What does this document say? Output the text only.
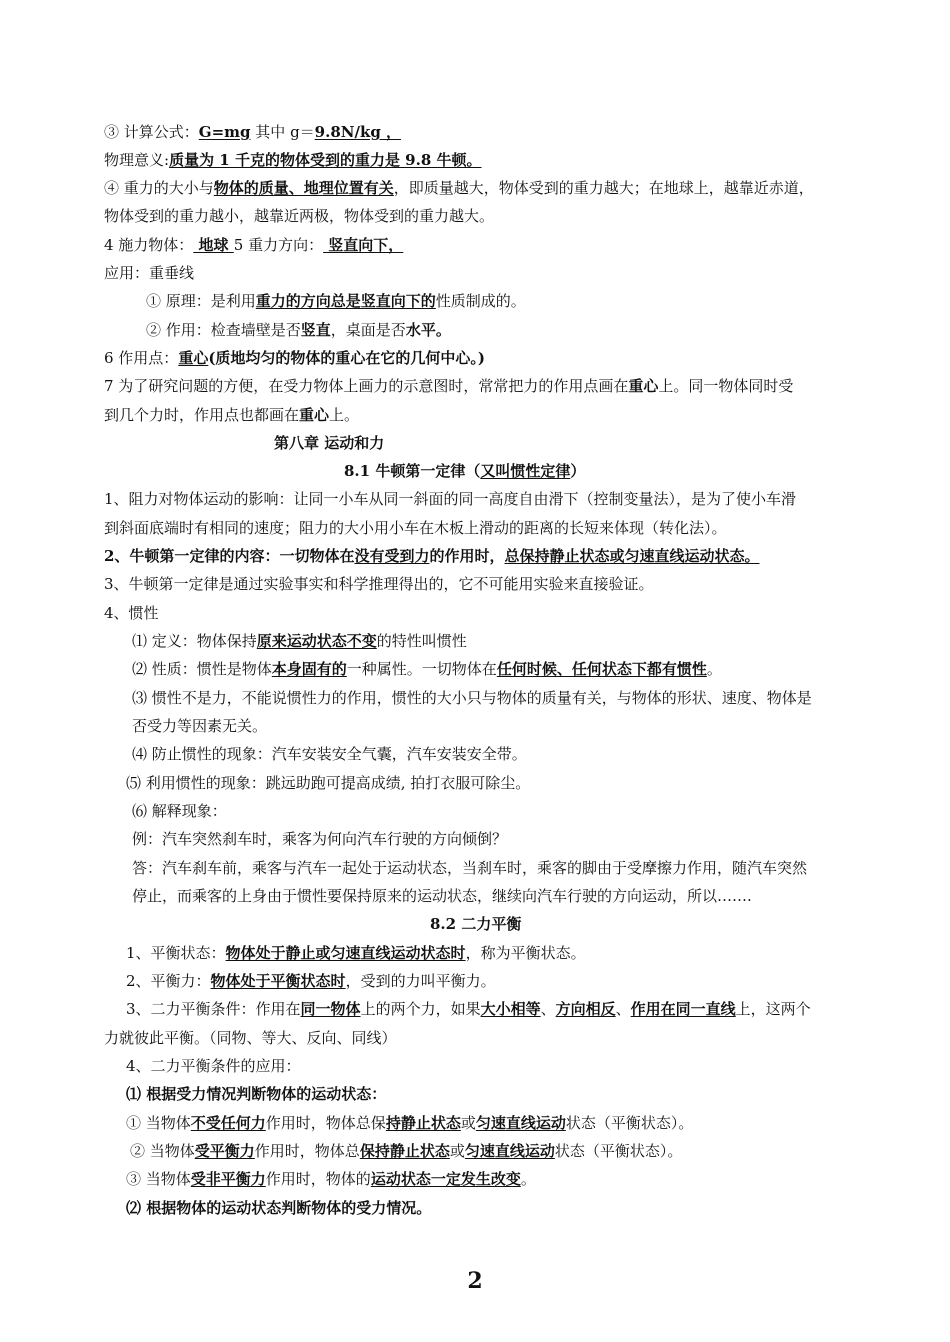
③ 计算公式：G=mg 其中 g＝9.8N/kg ，
物理意义:质量为 1 千克的物体受到的重力是 9.8 牛顿。
④ 重力的大小与物体的质量、地理位置有关，即质量越大，物体受到的重力越大；在地球上，越靠近赤道，
物体受到的重力越小，越靠近两极，物体受到的重力越大。
4 施力物体： 地球 5 重力方向： 竖直向下，
应用：重垂线
① 原理：是利用重力的方向总是竖直向下的性质制成的。
② 作用：检查墙壁是否竖直，桌面是否水平。
6 作用点：重心(质地均匀的物体的重心在它的几何中心。)
7 为了研究问题的方便，在受力物体上画力的示意图时，常常把力的作用点画在重心上。同一物体同时受
到几个力时，作用点也都画在重心上。
第八章 运动和力
8.1 牛顿第一定律（又叫惯性定律）
1、阻力对物体运动的影响：让同一小车从同一斜面的同一高度自由滑下（控制变量法），是为了使小车滑
到斜面底端时有相同的速度；阻力的大小用小车在木板上滑动的距离的长短来体现（转化法）。
2、牛顿第一定律的内容：一切物体在没有受到力的作用时，总保持静止状态或匀速直线运动状态。
3、牛顿第一定律是通过实验事实和科学推理得出的，它不可能用实验来直接验证。
4、惯性
⑴ 定义：物体保持原来运动状态不变的特性叫惯性
⑵ 性质：惯性是物体本身固有的一种属性。一切物体在任何时候、任何状态下都有惯性。
⑶ 惯性不是力，不能说惯性力的作用，惯性的大小只与物体的质量有关，与物体的形状、速度、物体是
否受力等因素无关。
⑷ 防止惯性的现象：汽车安装安全气囊，汽车安装安全带。
⑸ 利用惯性的现象：跳远助跑可提高成绩, 拍打衣服可除尘。
⑹ 解释现象：
例：汽车突然刹车时，乘客为何向汽车行驶的方向倾倒？
答：汽车刹车前，乘客与汽车一起处于运动状态，当刹车时，乘客的脚由于受摩擦力作用，随汽车突然
停止，而乘客的上身由于惯性要保持原来的运动状态，继续向汽车行驶的方向运动，所以…….
8.2 二力平衡
1、平衡状态：物体处于静止或匀速直线运动状态时，称为平衡状态。
2、平衡力：物体处于平衡状态时，受到的力叫平衡力。
3、二力平衡条件：作用在同一物体上的两个力，如果大小相等、方向相反、作用在同一直线上，这两个
力就彼此平衡。（同物、等大、反向、同线）
4、二力平衡条件的应用：
⑴ 根据受力情况判断物体的运动状态：
① 当物体不受任何力作用时，物体总保持静止状态或匀速直线运动状态（平衡状态）。
② 当物体受平衡力作用时，物体总保持静止状态或匀速直线运动状态（平衡状态）。
③ 当物体受非平衡力作用时，物体的运动状态一定发生改变。
⑵ 根据物体的运动状态判断物体的受力情况。
2
